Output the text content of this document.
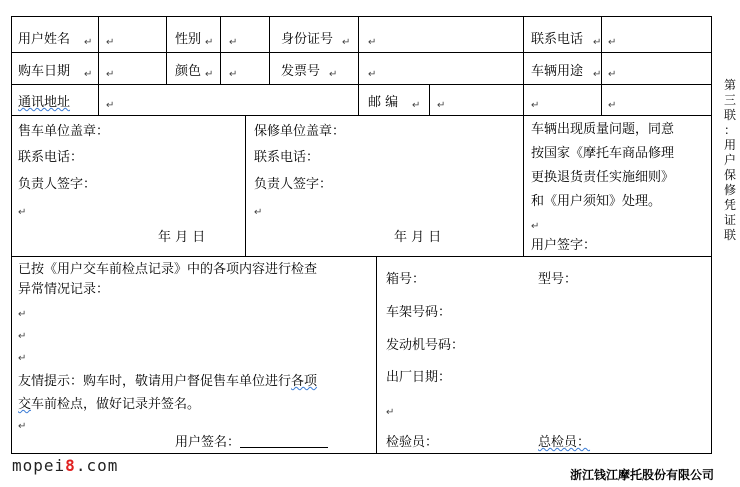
用户姓名 ↵ ↵	性别 ↵ ↵	身份证号 ↵ ↵	联系电话 ↵ ↵
购车日期 ↵ ↵	颜色 ↵ ↵	发票号 ↵	↵	车辆用途 ↵ ↵
通讯地址	↵	邮 编 ↵ ↵	↵	↵
售车单位盖章：
联系电话：
负责人签字：
↵
年 月 日
保修单位盖章：
联系电话：
负责人签字：
↵
年 月 日
车辆出现质量问题，同意
按国家《摩托车商品修理
更换退货责任实施细则》
和《用户须知》处理。
↵
用户签字：
已按《用户交车前检点记录》中的各项内容进行检查
异常情况记录：
↵
↵
↵
友情提示：购车时，敬请用户督促售车单位进行各项
交车前检点，做好记录并签名。
↵
用户签名：
箱号：	型号：
车架号码：
发动机号码：
出厂日期：
↵
检验员：	总检员：
第
三
联
：
用
户
保
修
凭
证
联
mopei8.com	浙江钱江摩托股份有限公司
